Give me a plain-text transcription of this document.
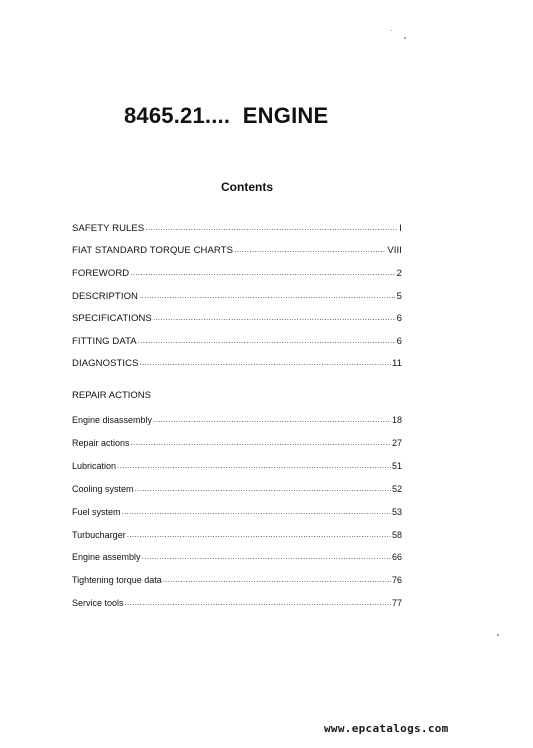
8465.21....  ENGINE
Contents
SAFETY RULES .....	I
FIAT STANDARD TORQUE CHARTS .....	VIII
FOREWORD .....	2
DESCRIPTION .....	5
SPECIFICATIONS .....	6
FITTING DATA .....	6
DIAGNOSTICS .....	11
Engine disassembly .....	18
Repair actions .....	27
Lubrication .....	51
Cooling system .....	52
Fuel system .....	53
Turbucharger .....	58
Engine assembly .....	66
Tightening torque data .....	76
Service tools .....	77

REPAIR ACTIONS

www.epcatalogs.com
